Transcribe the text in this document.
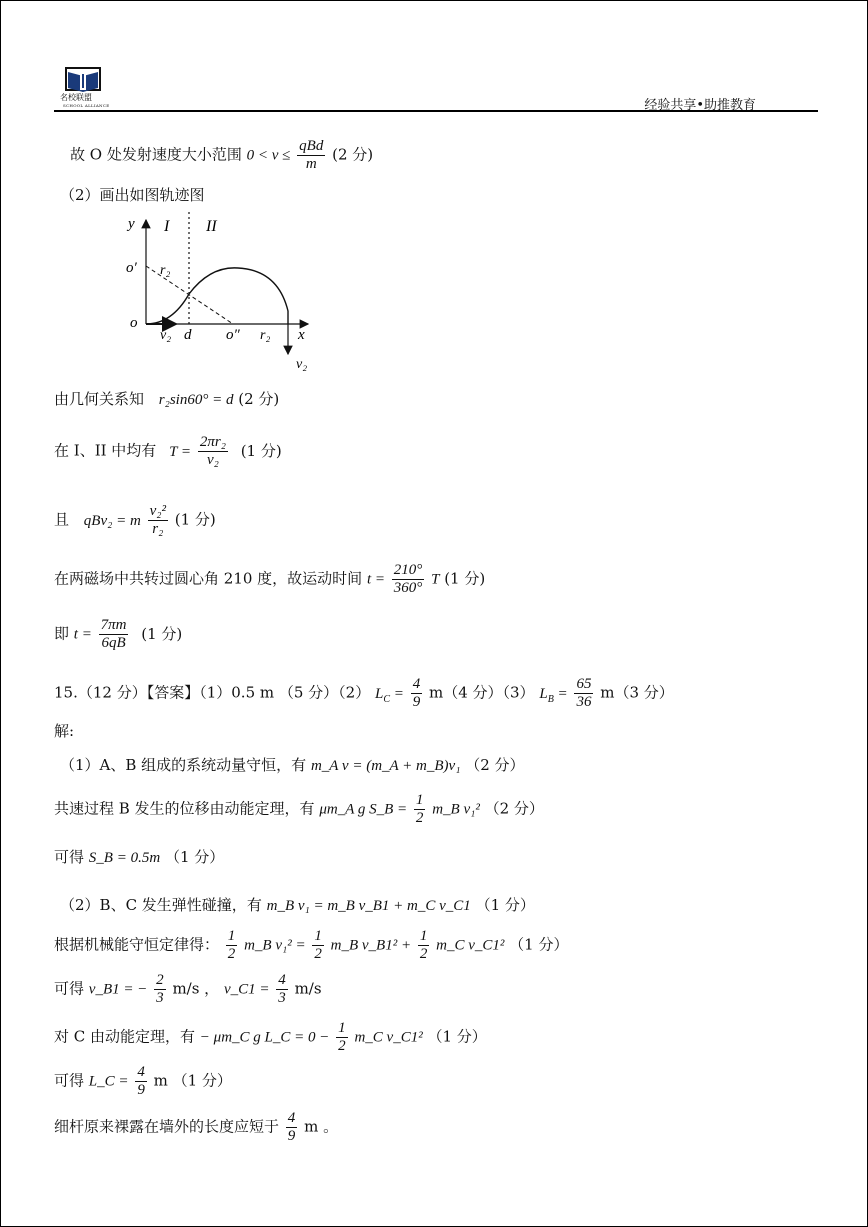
名校联盟
SCHOOL ALLIANCE	经验共享•助推教育
故 O 处发射速度大小范围 $0 < v \le \frac{\text{qBd}}{m} (2$ 分)
（2）画出如图轨迹图
y I II
o′ r₂
o
v₂ d o″ r₂ x
v₂
由几何关系知 r₂sin60° = d (2 分)
在 I、II 中均有 $T = \frac{\text{2πr₂}}{\text{v₂}} (1$ 分)
且 qBv₂ = m $\frac{\text{v₂²}}{\text{r₂}} (1$ 分)
在两磁场中共转过圆心角 210 度，故运动时间 $t = \frac{210^\circ}{360^\circ}$ T (1 分)
即 $t = \frac{7\pi m}{6qB} (1$ 分)
15.（12 分）【答案】（1）0.5 m （5 分）（2） $L_C = \frac{4}{9} m(4$ 分）（3） $L_B = \frac{65}{36} m(3$ 分）
解:
（1）A、B 组成的系统动量守恒，有 m_A v = (m_A + m_B)v₁ （2 分）
共速过程 B 发生的位移由动能定理，有 μm_A g S_B = $\frac{1}{2}$ m_B v₁² （2 分）
可得 S_B = 0.5m （1 分）
（2）B、C 发生弹性碰撞，有 m_B v₁ = m_B v_B1 + m_C v_C1 （1 分）
根据机械能守恒定律得： $\frac{1}{2}$ m_B $v_1^2 = \frac{1}{2}$ m_B v_B1² + $\frac{1}{2}$ m_C v_C1² （1 分）
可得 v_B1 = − $\frac{2}{3} m/s$ ， v_C1 = $\frac{4}{3} m/s$
对 C 由动能定理，有 − μm_C g L_C = $0 - \frac{1}{2}$ m_C v_C1² （1 分）
可得 L_C = $\frac{4}{9}$ m （1 分）
细杆原来裸露在墙外的长度应短于 $\frac{4}{9}$ m 。
